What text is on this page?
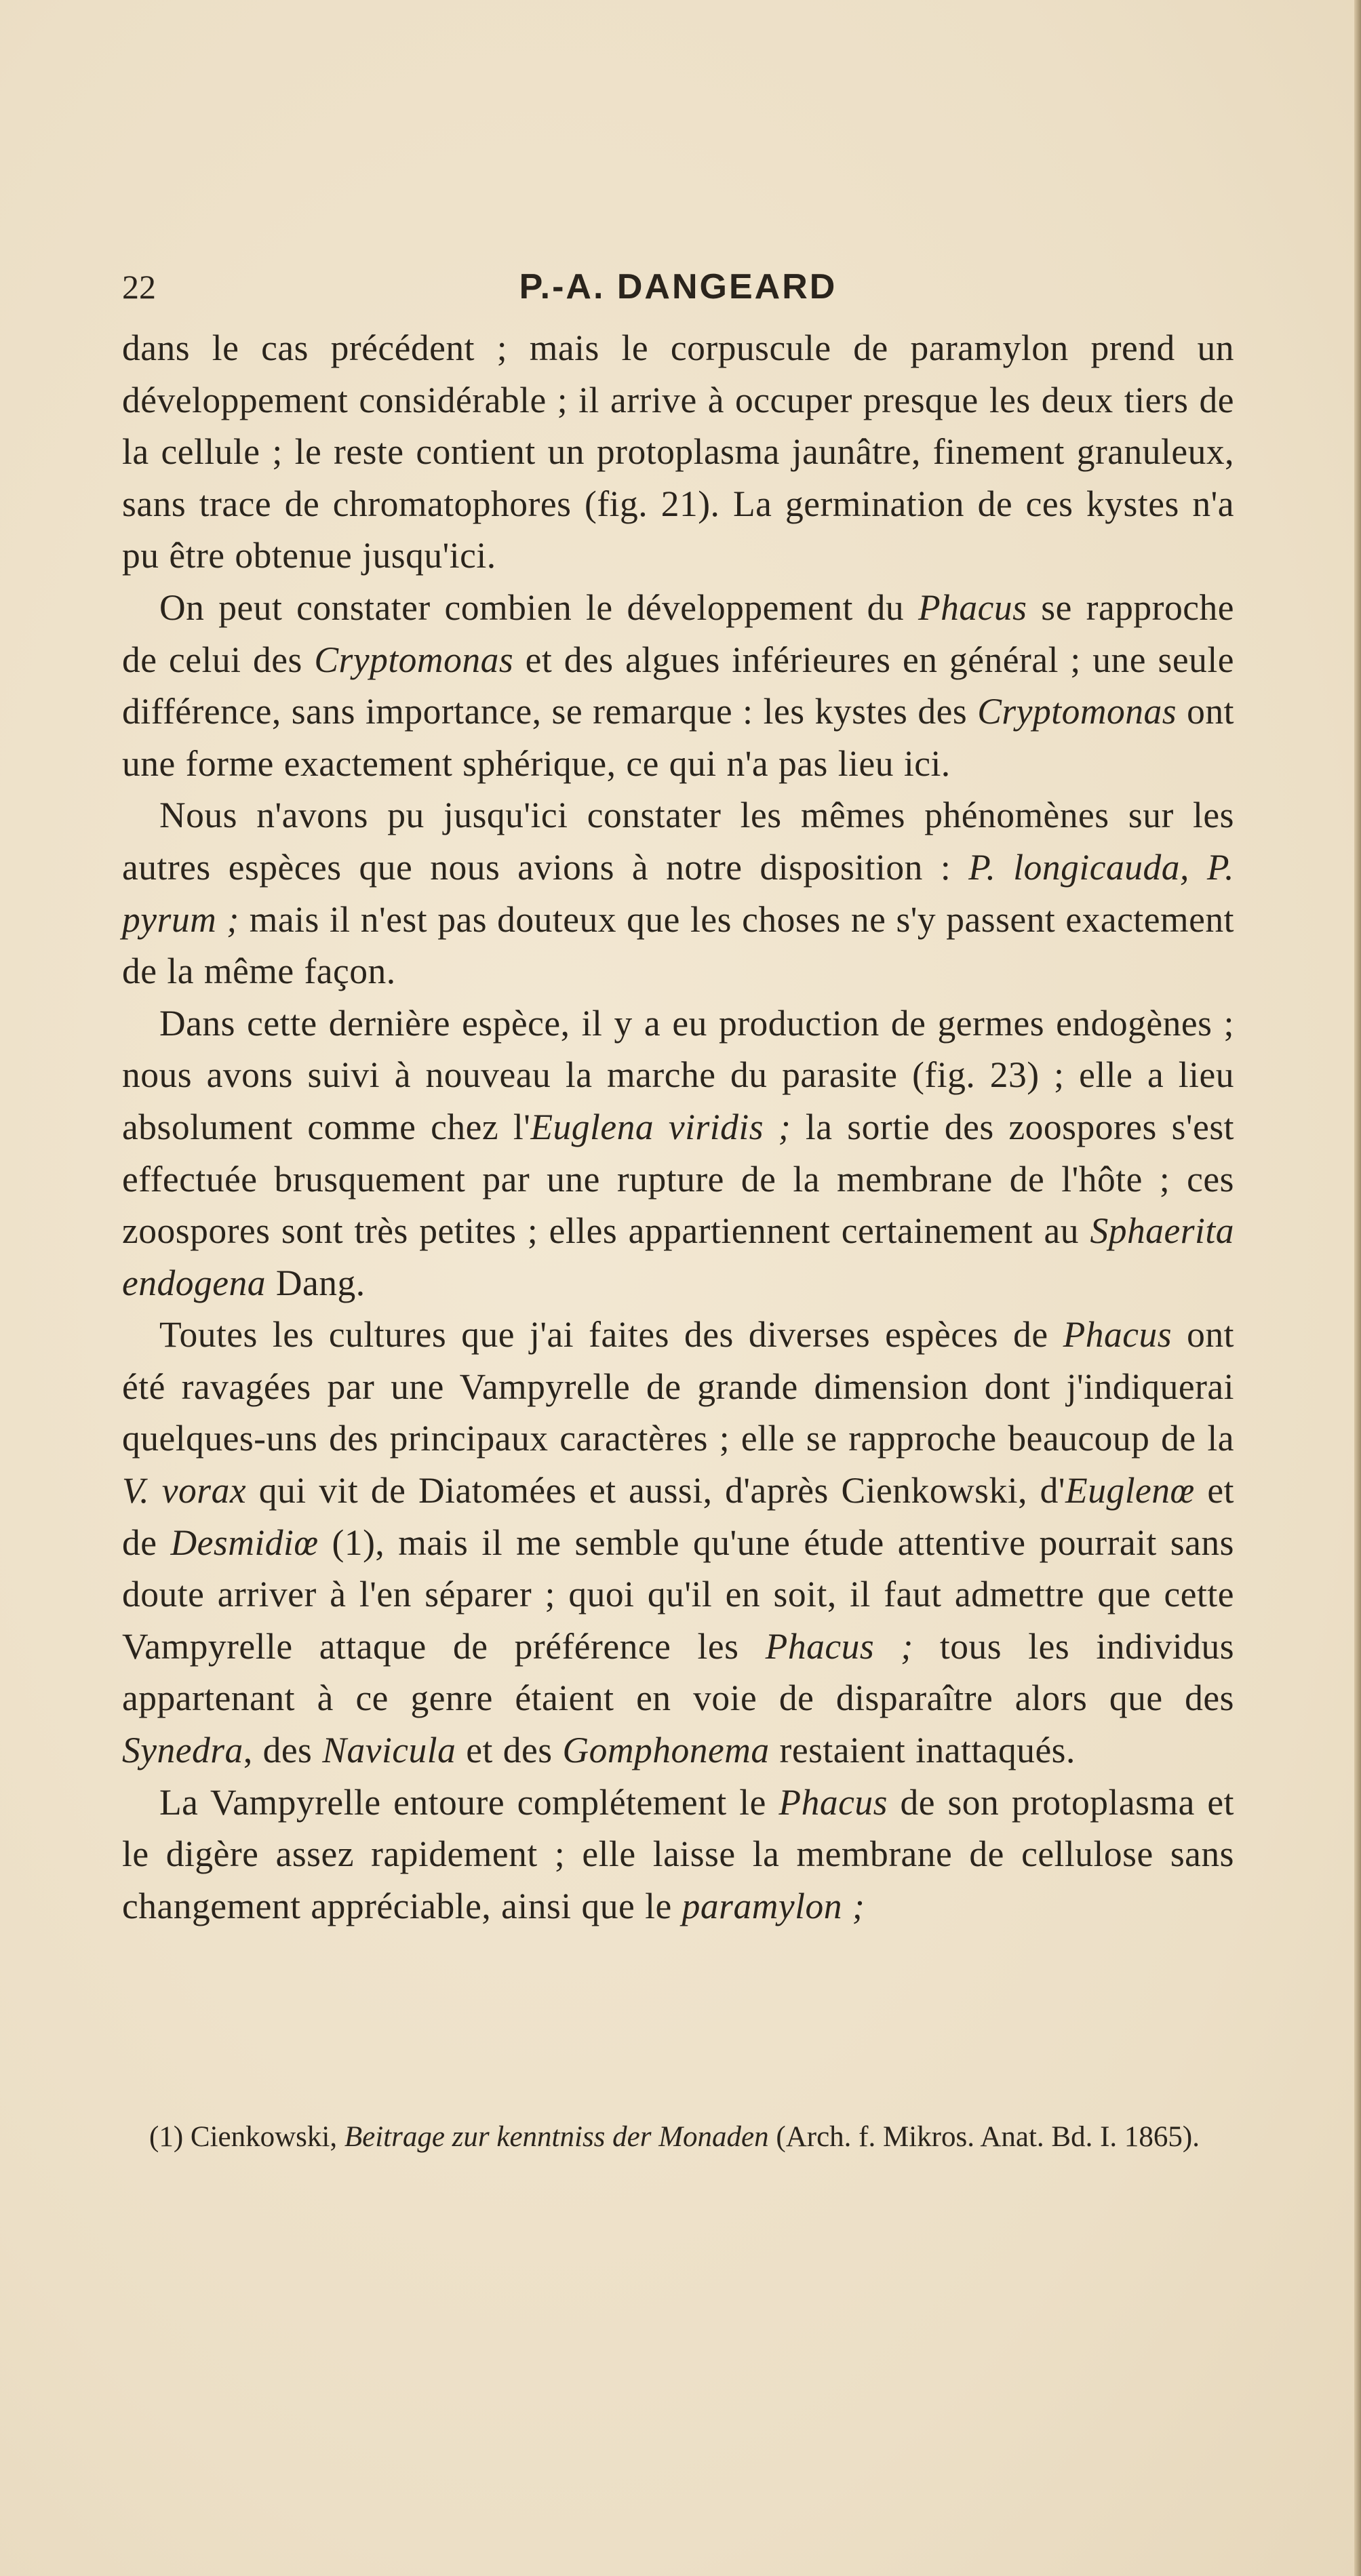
22	P.-A. DANGEARD

dans le cas précédent ; mais le corpuscule de paramylon prend un développement considérable ; il arrive à occuper presque les deux tiers de la cellule ; le reste contient un protoplasma jaunâtre, finement granuleux, sans trace de chromatophores (fig. 21). La germination de ces kystes n'a pu être obtenue jusqu'ici.

On peut constater combien le développement du Phacus se rapproche de celui des Cryptomonas et des algues inférieures en général ; une seule différence, sans importance, se remarque : les kystes des Cryptomonas ont une forme exactement sphérique, ce qui n'a pas lieu ici.

Nous n'avons pu jusqu'ici constater les mêmes phénomènes sur les autres espèces que nous avions à notre disposition : P. longicauda, P. pyrum ; mais il n'est pas douteux que les choses ne s'y passent exactement de la même façon.

Dans cette dernière espèce, il y a eu production de germes endogènes ; nous avons suivi à nouveau la marche du parasite (fig. 23) ; elle a lieu absolument comme chez l'Euglena viridis ; la sortie des zoospores s'est effectuée brusquement par une rupture de la membrane de l'hôte ; ces zoospores sont très petites ; elles appartiennent certainement au Sphaerita endogena Dang.

Toutes les cultures que j'ai faites des diverses espèces de Phacus ont été ravagées par une Vampyrelle de grande dimension dont j'indiquerai quelques-uns des principaux caractères ; elle se rapproche beaucoup de la V. vorax qui vit de Diatomées et aussi, d'après Cienkowski, d'Euglenœ et de Desmidiœ (1), mais il me semble qu'une étude attentive pourrait sans doute arriver à l'en séparer ; quoi qu'il en soit, il faut admettre que cette Vampyrelle attaque de préférence les Phacus ; tous les individus appartenant à ce genre étaient en voie de disparaître alors que des Synedra, des Navicula et des Gomphonema restaient inattaqués.

La Vampyrelle entoure complétement le Phacus de son protoplasma et le digère assez rapidement ; elle laisse la membrane de cellulose sans changement appréciable, ainsi que le paramylon ;

(1) Cienkowski, Beitrage zur kenntniss der Monaden (Arch. f. Mikros. Anat. Bd. I. 1865).
